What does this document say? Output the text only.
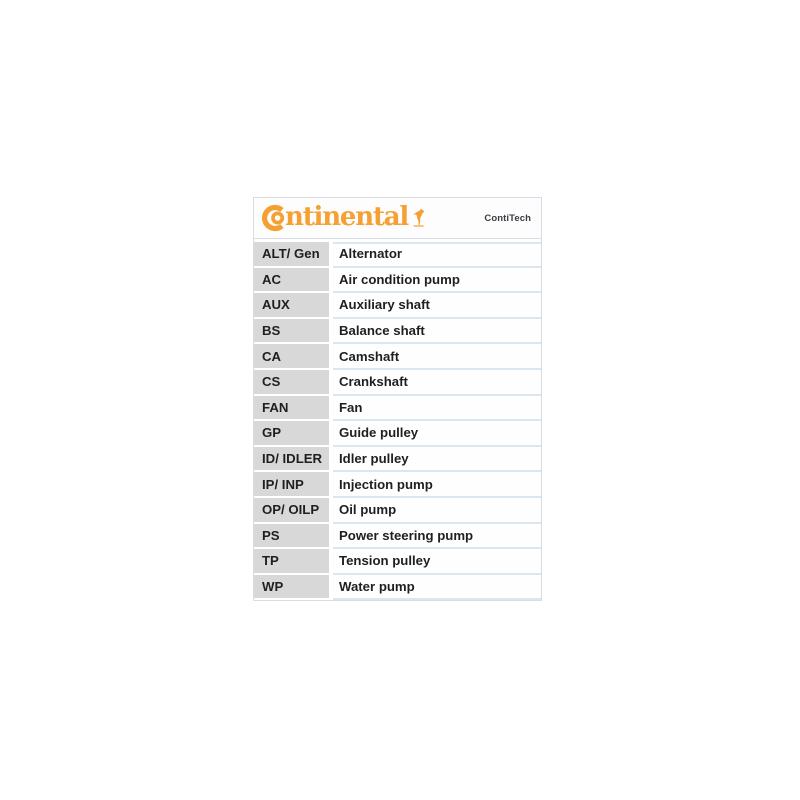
ntinental	ContiTech
ALT/ Gen	Alternator
AC	Air condition pump
AUX	Auxiliary shaft
BS	Balance shaft
CA	Camshaft
CS	Crankshaft
FAN	Fan
GP	Guide pulley
ID/ IDLER	Idler pulley
IP/ INP	Injection pump
OP/ OILP	Oil pump
PS	Power steering pump
TP	Tension pulley
WP	Water pump
